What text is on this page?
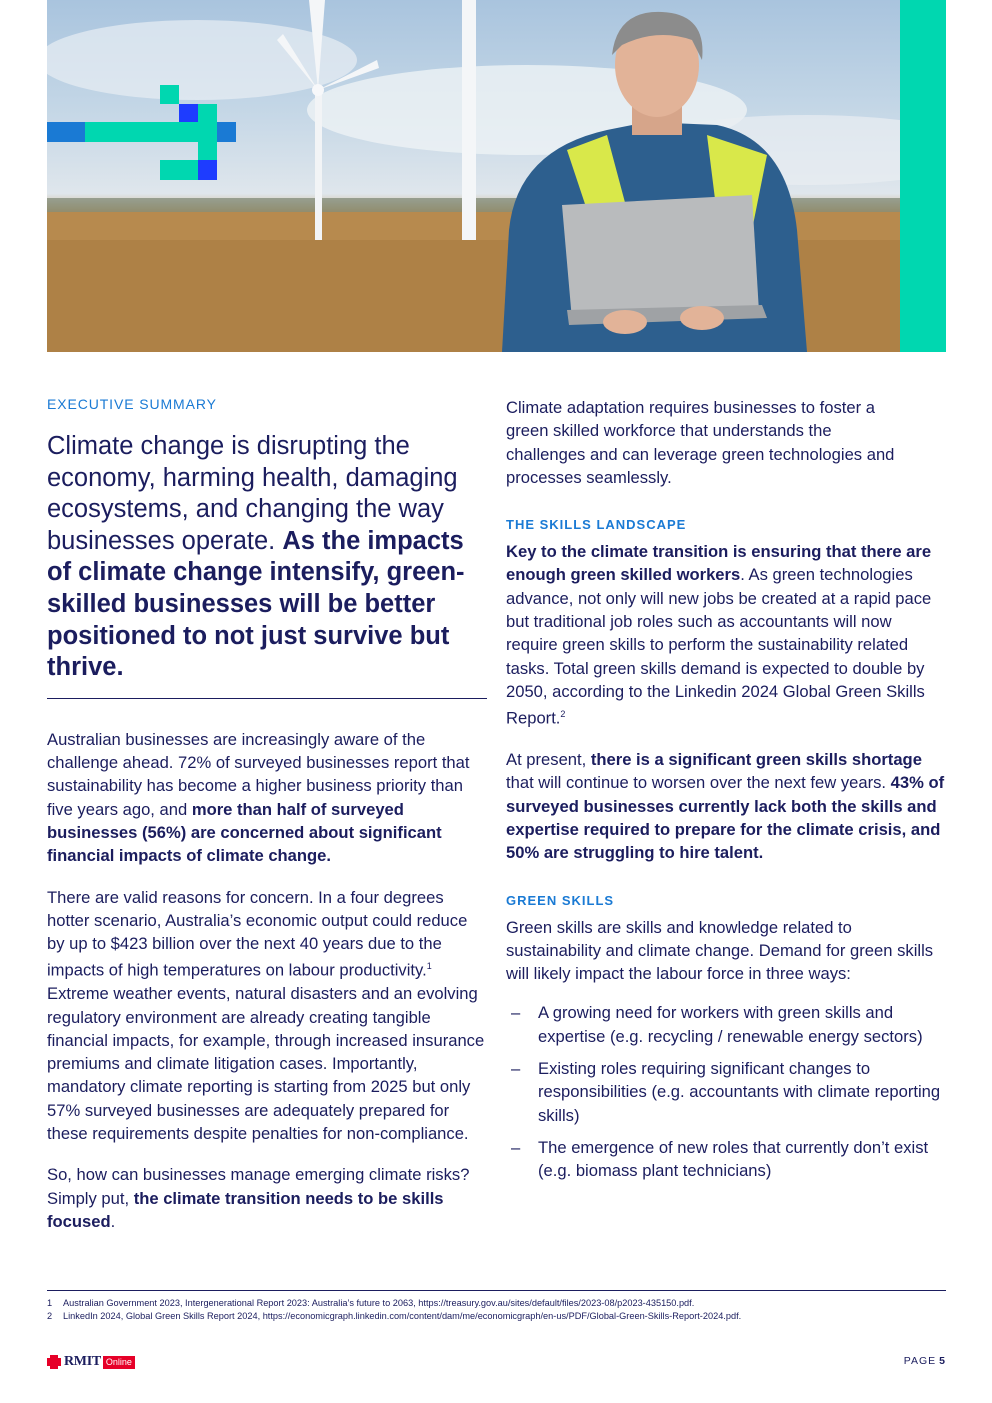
EXECUTIVE SUMMARY

Climate change is disrupting the economy, harming health, damaging ecosystems, and changing the way businesses operate. As the impacts of climate change intensify, green-skilled businesses will be better positioned to not just survive but thrive.

Australian businesses are increasingly aware of the challenge ahead. 72% of surveyed businesses report that sustainability has become a higher business priority than five years ago, and more than half of surveyed businesses (56%) are concerned about significant financial impacts of climate change.

There are valid reasons for concern. In a four degrees hotter scenario, Australia’s economic output could reduce by up to $423 billion over the next 40 years due to the impacts of high temperatures on labour productivity.$^1$ Extreme weather events, natural disasters and an evolving regulatory environment are already creating tangible financial impacts, for example, through increased insurance premiums and climate litigation cases. Importantly, mandatory climate reporting is starting from 2025 but only 57% surveyed businesses are adequately prepared for these requirements despite penalties for non-compliance.

So, how can businesses manage emerging climate risks? Simply put, the climate transition needs to be skills focused.

Climate adaptation requires businesses to foster a green skilled workforce that understands the challenges and can leverage green technologies and processes seamlessly.

THE SKILLS LANDSCAPE

Key to the climate transition is ensuring that there are enough green skilled workers. As green technologies advance, not only will new jobs be created at a rapid pace but traditional job roles such as accountants will now require green skills to perform the sustainability related tasks. Total green skills demand is expected to double by 2050, according to the Linkedin 2024 Global Green Skills Report.$^2$

At present, there is a significant green skills shortage that will continue to worsen over the next few years. 43% of surveyed businesses currently lack both the skills and expertise required to prepare for the climate crisis, and 50% are struggling to hire talent.

GREEN SKILLS

Green skills are skills and knowledge related to sustainability and climate change. Demand for green skills will likely impact the labour force in three ways:

– A growing need for workers with green skills and expertise (e.g. recycling / renewable energy sectors)
– Existing roles requiring significant changes to responsibilities (e.g. accountants with climate reporting skills)
– The emergence of new roles that currently don’t exist (e.g. biomass plant technicians)
1	Australian Government 2023, Intergenerational Report 2023: Australia’s future to 2063, https://treasury.gov.au/sites/default/files/2023-08/p2023-435150.pdf.
2	LinkedIn 2024, Global Green Skills Report 2024, https://economicgraph.linkedin.com/content/dam/me/economicgraph/en-us/PDF/Global-Green-Skills-Report-2024.pdf.
RMIT Online	PAGE 5
